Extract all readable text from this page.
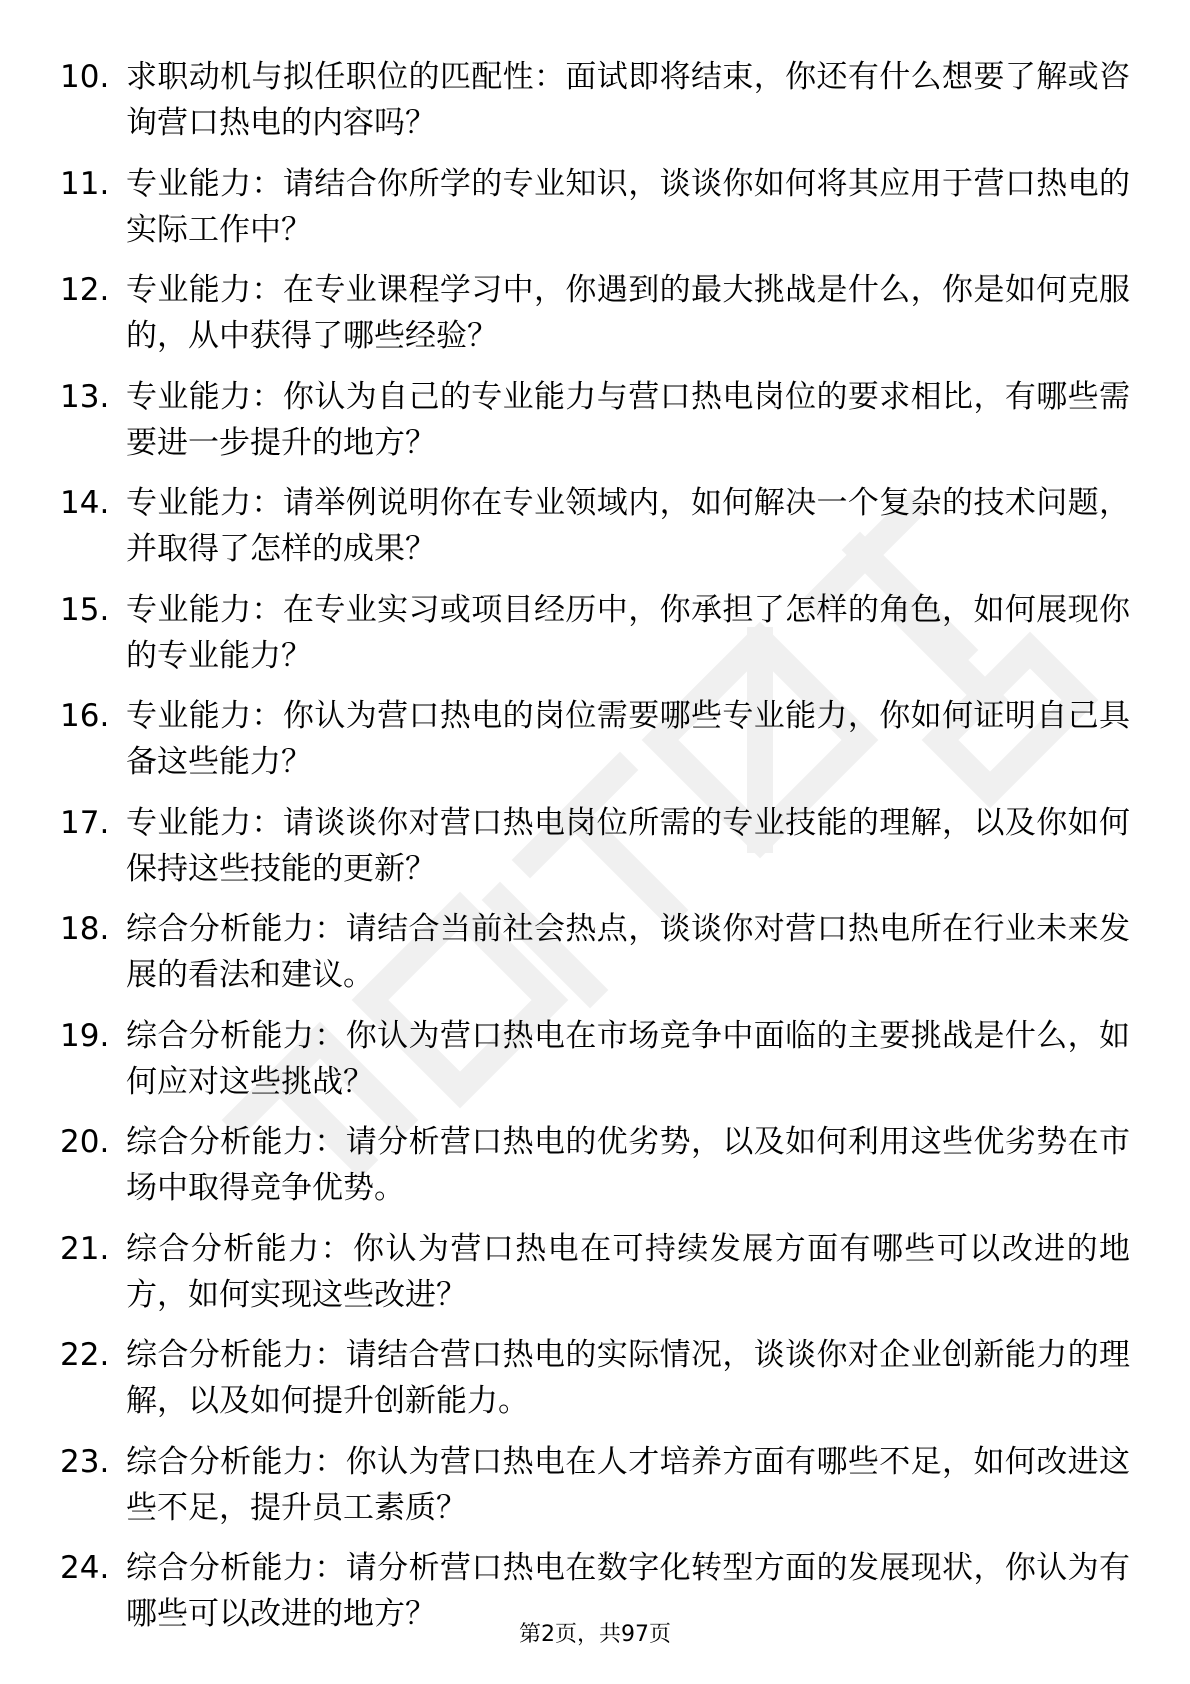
10. 求职动机与拟任职位的匹配性：面试即将结束，你还有什么想要了解或咨询营口热电的内容吗？
11. 专业能力：请结合你所学的专业知识，谈谈你如何将其应用于营口热电的实际工作中？
12. 专业能力：在专业课程学习中，你遇到的最大挑战是什么，你是如何克服的，从中获得了哪些经验？
13. 专业能力：你认为自己的专业能力与营口热电岗位的要求相比，有哪些需要进一步提升的地方？
14. 专业能力：请举例说明你在专业领域内，如何解决一个复杂的技术问题，并取得了怎样的成果？
15. 专业能力：在专业实习或项目经历中，你承担了怎样的角色，如何展现你的专业能力？
16. 专业能力：你认为营口热电的岗位需要哪些专业能力，你如何证明自己具备这些能力？
17. 专业能力：请谈谈你对营口热电岗位所需的专业技能的理解，以及你如何保持这些技能的更新？
18. 综合分析能力：请结合当前社会热点，谈谈你对营口热电所在行业未来发展的看法和建议。
19. 综合分析能力：你认为营口热电在市场竞争中面临的主要挑战是什么，如何应对这些挑战？
20. 综合分析能力：请分析营口热电的优劣势，以及如何利用这些优劣势在市场中取得竞争优势。
21. 综合分析能力：你认为营口热电在可持续发展方面有哪些可以改进的地方，如何实现这些改进？
22. 综合分析能力：请结合营口热电的实际情况，谈谈你对企业创新能力的理解，以及如何提升创新能力。
23. 综合分析能力：你认为营口热电在人才培养方面有哪些不足，如何改进这些不足，提升员工素质？
24. 综合分析能力：请分析营口热电在数字化转型方面的发展现状，你认为有哪些可以改进的地方？
第2页，共97页
